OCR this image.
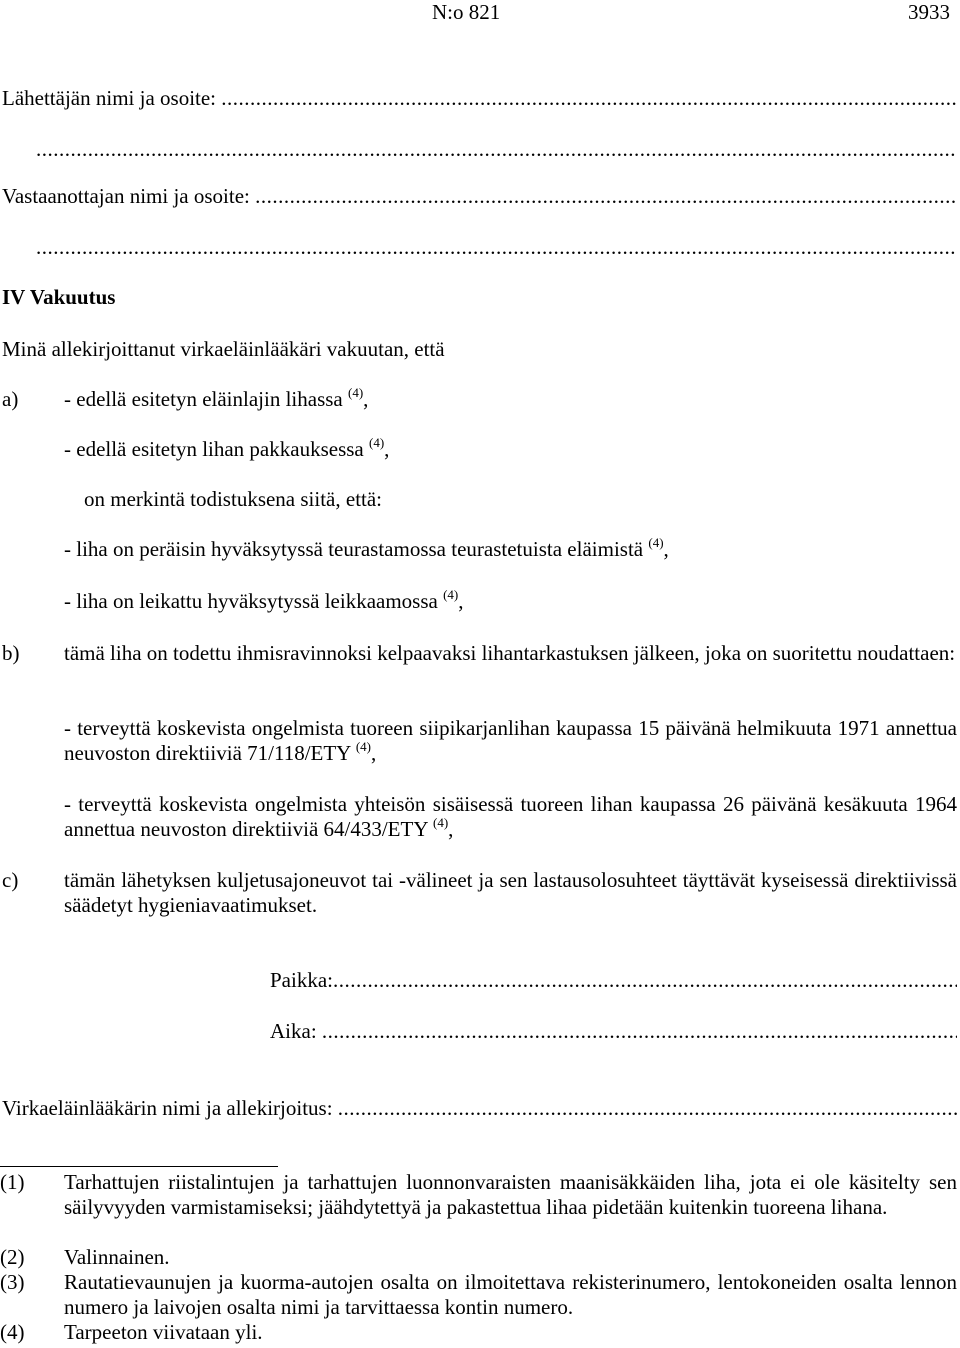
N:o 821	3933
Lähettäjän nimi ja osoite:

.....
.....
Vastaanottajan nimi ja osoite:

.....
.....
IV Vakuutus
Minä allekirjoittanut virkaeläinlääkäri vakuutan, että
a) - edellä esitetyn eläinlajin lihassa $^{(4)}$,
- edellä esitetyn lihan pakkauksessa $^{(4)}$,
on merkintä todistuksena siitä, että:
- liha on peräisin hyväksytyssä teurastamossa teurastetuista eläimistä $^{(4)}$,
- liha on leikattu hyväksytyssä leikkaamossa $^{(4)}$,
b) tämä liha on todettu ihmisravinnoksi kelpaavaksi lihantarkastuksen jälkeen, joka on suoritettu noudattaen:
- terveyttä koskevista ongelmista tuoreen siipikarjanlihan kaupassa 15 päivänä helmikuuta 1971 annettua neuvoston direktiiviä 71/118/ETY $^{(4)}$,
- terveyttä koskevista ongelmista yhteisön sisäisessä tuoreen lihan kaupassa 26 päivänä kesäkuuta 1964 annettua neuvoston direktiiviä 64/433/ETY $^{(4)}$,
c) tämän lähetyksen kuljetusajoneuvot tai -välineet ja sen lastausolosuhteet täyttävät kyseisessä direktiivissä säädetyt hygieniavaatimukset.
Paikka:
.....
Aika:

.....
Virkaeläinlääkärin nimi ja allekirjoitus:

.....
(1) Tarhattujen riistalintujen ja tarhattujen luonnonvaraisten maanisäkkäiden liha, jota ei ole käsitelty sen säilyvyyden varmistamiseksi; jäähdytettyä ja pakastettua lihaa pidetään kuitenkin tuoreena lihana.
(2) Valinnainen.
(3) Rautatievaunujen ja kuorma-autojen osalta on ilmoitettava rekisterinumero, lentokoneiden osalta lennon numero ja laivojen osalta nimi ja tarvittaessa kontin numero.
(4) Tarpeeton viivataan yli.
